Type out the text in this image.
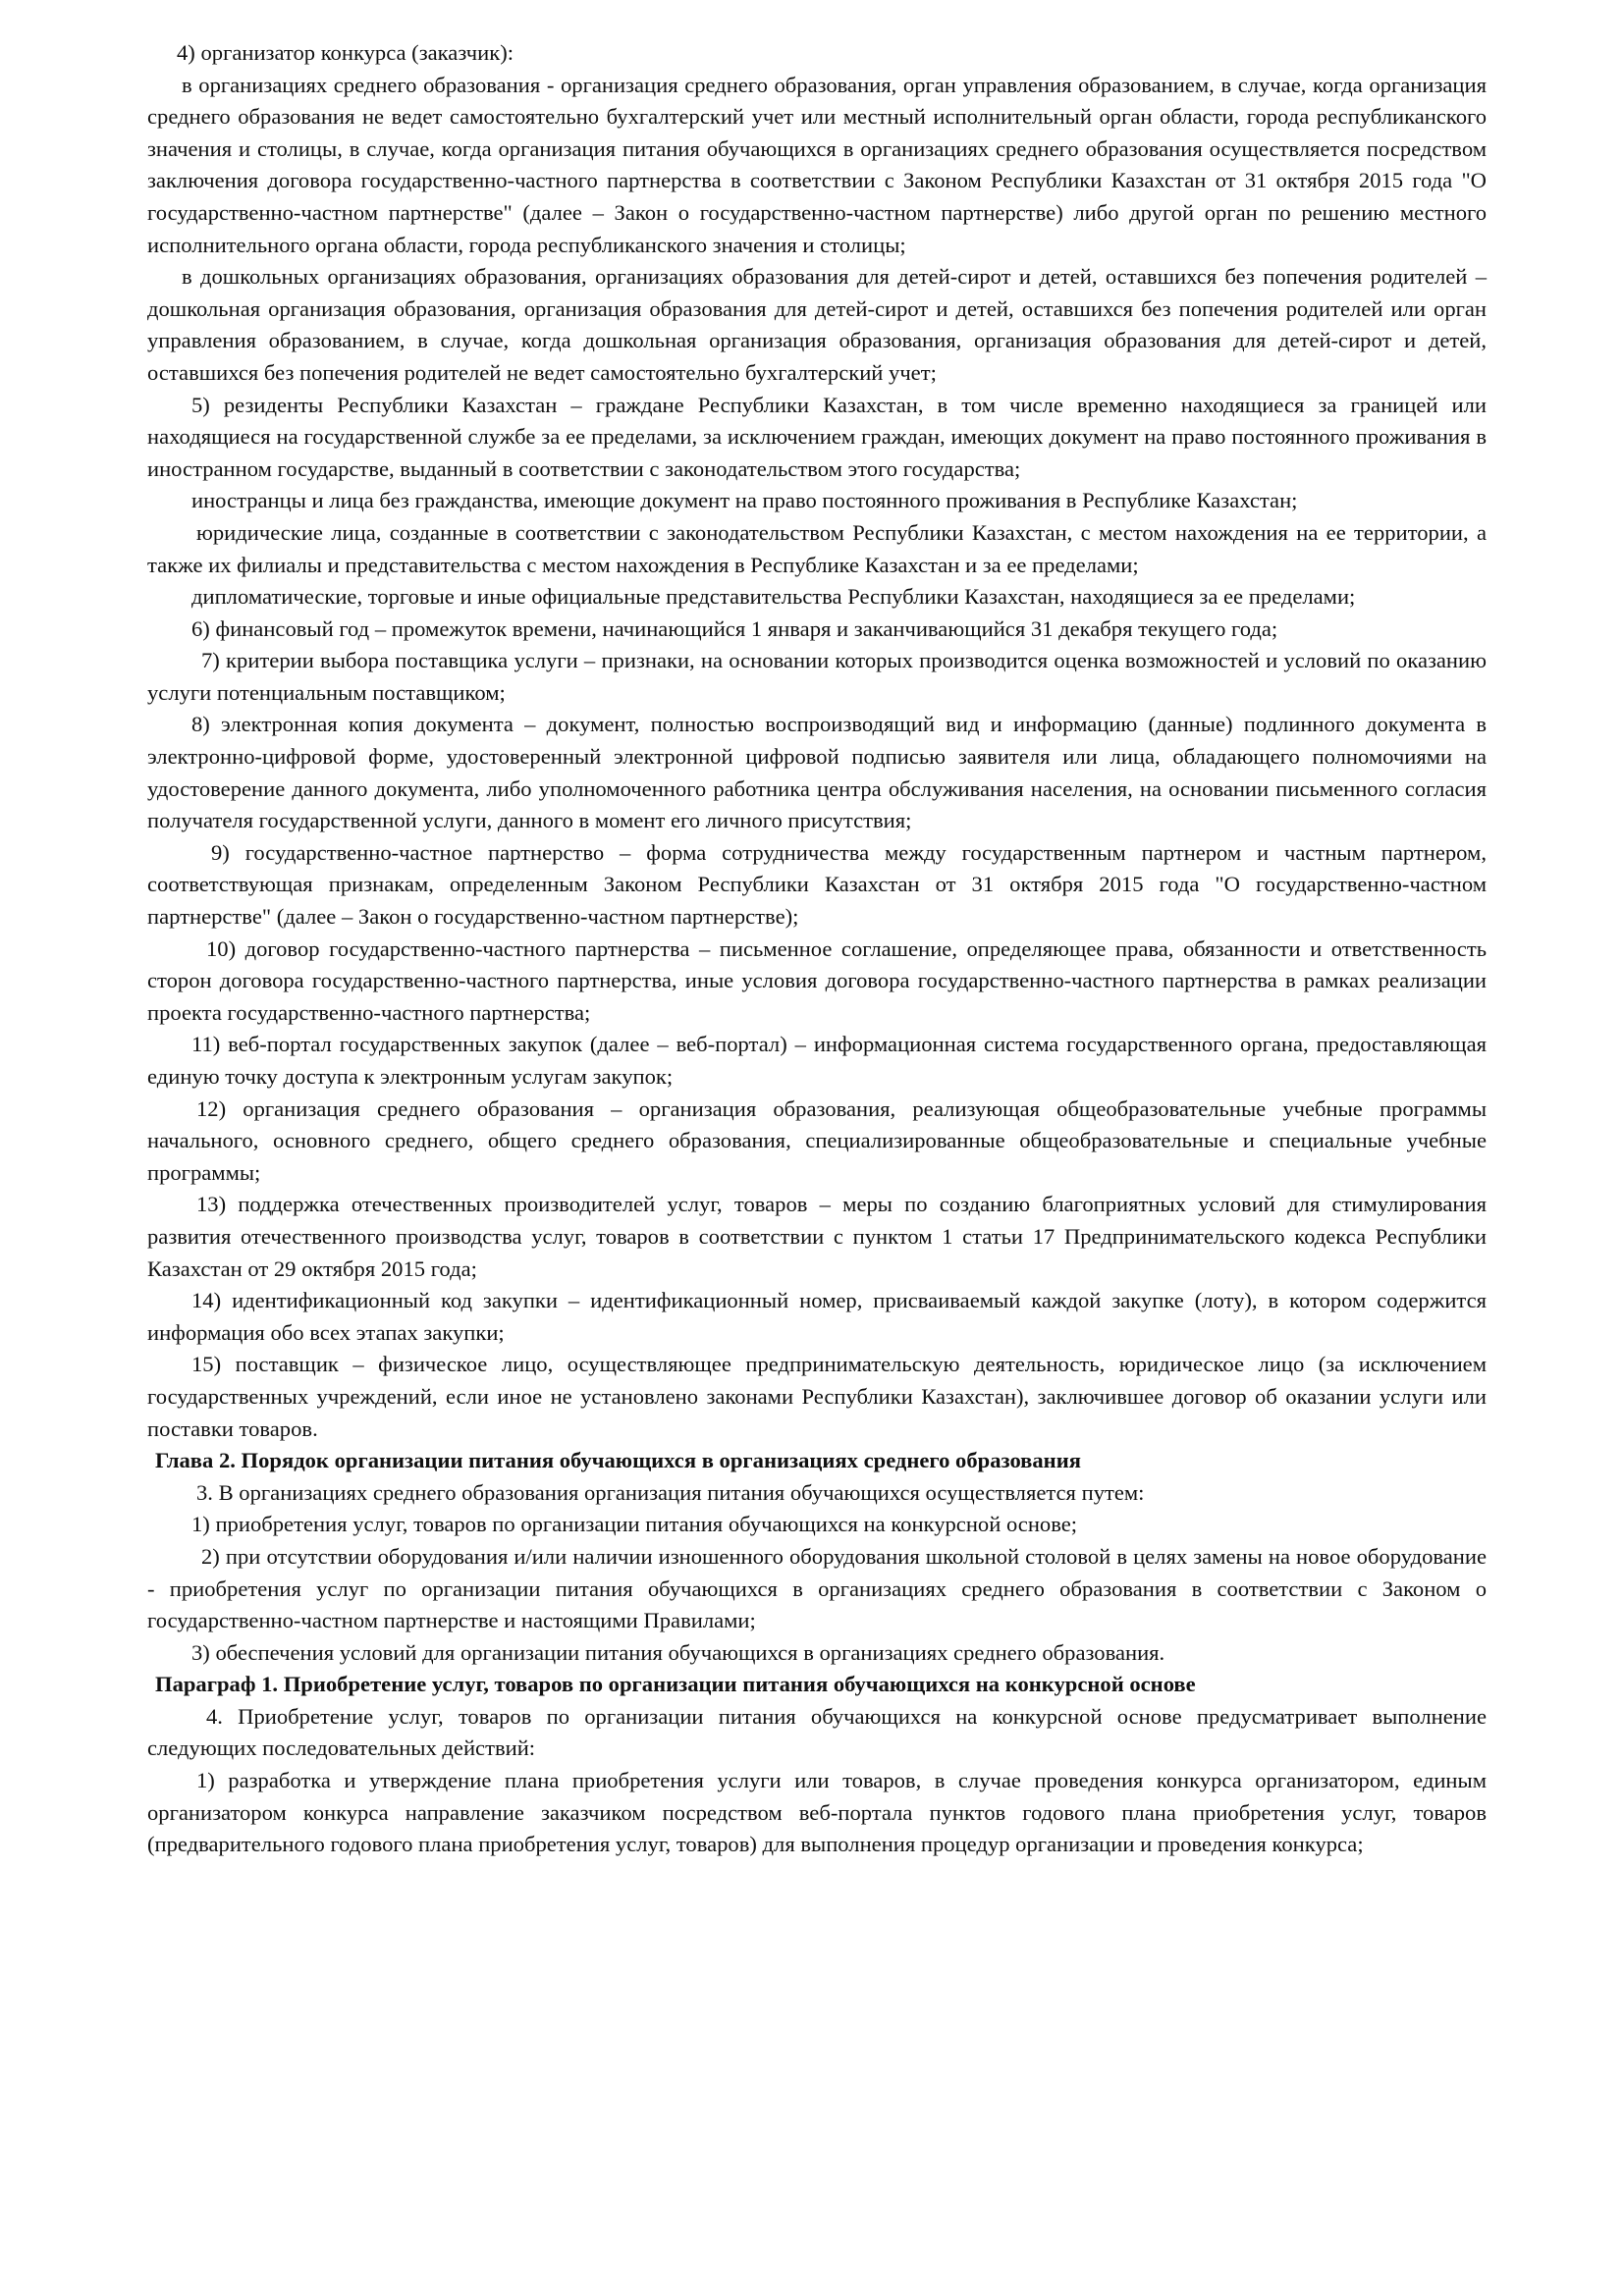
4) организатор конкурса (заказчик):

в организациях среднего образования - организация среднего образования, орган управления образованием, в случае, когда организация среднего образования не ведет самостоятельно бухгалтерский учет или местный исполнительный орган области, города республиканского значения и столицы, в случае, когда организация питания обучающихся в организациях среднего образования осуществляется посредством заключения договора государственно-частного партнерства в соответствии с Законом Республики Казахстан от 31 октября 2015 года "О государственно-частном партнерстве" (далее – Закон о государственно-частном партнерстве) либо другой орган по решению местного исполнительного органа области, города республиканского значения и столицы;

в дошкольных организациях образования, организациях образования для детей-сирот и детей, оставшихся без попечения родителей – дошкольная организация образования, организация образования для детей-сирот и детей, оставшихся без попечения родителей или орган управления образованием, в случае, когда дошкольная организация образования, организация образования для детей-сирот и детей, оставшихся без попечения родителей не ведет самостоятельно бухгалтерский учет;

5) резиденты Республики Казахстан – граждане Республики Казахстан, в том числе временно находящиеся за границей или находящиеся на государственной службе за ее пределами, за исключением граждан, имеющих документ на право постоянного проживания в иностранном государстве, выданный в соответствии с законодательством этого государства;

иностранцы и лица без гражданства, имеющие документ на право постоянного проживания в Республике Казахстан;

юридические лица, созданные в соответствии с законодательством Республики Казахстан, с местом нахождения на ее территории, а также их филиалы и представительства с местом нахождения в Республике Казахстан и за ее пределами;

дипломатические, торговые и иные официальные представительства Республики Казахстан, находящиеся за ее пределами;

6) финансовый год – промежуток времени, начинающийся 1 января и заканчивающийся 31 декабря текущего года;

7) критерии выбора поставщика услуги – признаки, на основании которых производится оценка возможностей и условий по оказанию услуги потенциальным поставщиком;

8) электронная копия документа – документ, полностью воспроизводящий вид и информацию (данные) подлинного документа в электронно-цифровой форме, удостоверенный электронной цифровой подписью заявителя или лица, обладающего полномочиями на удостоверение данного документа, либо уполномоченного работника центра обслуживания населения, на основании письменного согласия получателя государственной услуги, данного в момент его личного присутствия;

9) государственно-частное партнерство – форма сотрудничества между государственным партнером и частным партнером, соответствующая признакам, определенным Законом Республики Казахстан от 31 октября 2015 года "О государственно-частном партнерстве" (далее – Закон о государственно-частном партнерстве);

10) договор государственно-частного партнерства – письменное соглашение, определяющее права, обязанности и ответственность сторон договора государственно-частного партнерства, иные условия договора государственно-частного партнерства в рамках реализации проекта государственно-частного партнерства;

11) веб-портал государственных закупок (далее – веб-портал) – информационная система государственного органа, предоставляющая единую точку доступа к электронным услугам закупок;

12) организация среднего образования – организация образования, реализующая общеобразовательные учебные программы начального, основного среднего, общего среднего образования, специализированные общеобразовательные и специальные учебные программы;

13) поддержка отечественных производителей услуг, товаров – меры по созданию благоприятных условий для стимулирования развития отечественного производства услуг, товаров в соответствии с пунктом 1 статьи 17 Предпринимательского кодекса Республики Казахстан от 29 октября 2015 года;

14) идентификационный код закупки – идентификационный номер, присваиваемый каждой закупке (лоту), в котором содержится информация обо всех этапах закупки;

15) поставщик – физическое лицо, осуществляющее предпринимательскую деятельность, юридическое лицо (за исключением государственных учреждений, если иное не установлено законами Республики Казахстан), заключившее договор об оказании услуги или поставки товаров.

Глава 2. Порядок организации питания обучающихся в организациях среднего образования

3. В организациях среднего образования организация питания обучающихся осуществляется путем:

1) приобретения услуг, товаров по организации питания обучающихся на конкурсной основе;

2) при отсутствии оборудования и/или наличии изношенного оборудования школьной столовой в целях замены на новое оборудование - приобретения услуг по организации питания обучающихся в организациях среднего образования в соответствии с Законом о государственно-частном партнерстве и настоящими Правилами;

3) обеспечения условий для организации питания обучающихся в организациях среднего образования.

Параграф 1. Приобретение услуг, товаров по организации питания обучающихся на конкурсной основе

4. Приобретение услуг, товаров по организации питания обучающихся на конкурсной основе предусматривает выполнение следующих последовательных действий:

1) разработка и утверждение плана приобретения услуги или товаров, в случае проведения конкурса организатором, единым организатором конкурса направление заказчиком посредством веб-портала пунктов годового плана приобретения услуг, товаров (предварительного годового плана приобретения услуг, товаров) для выполнения процедур организации и проведения конкурса;
